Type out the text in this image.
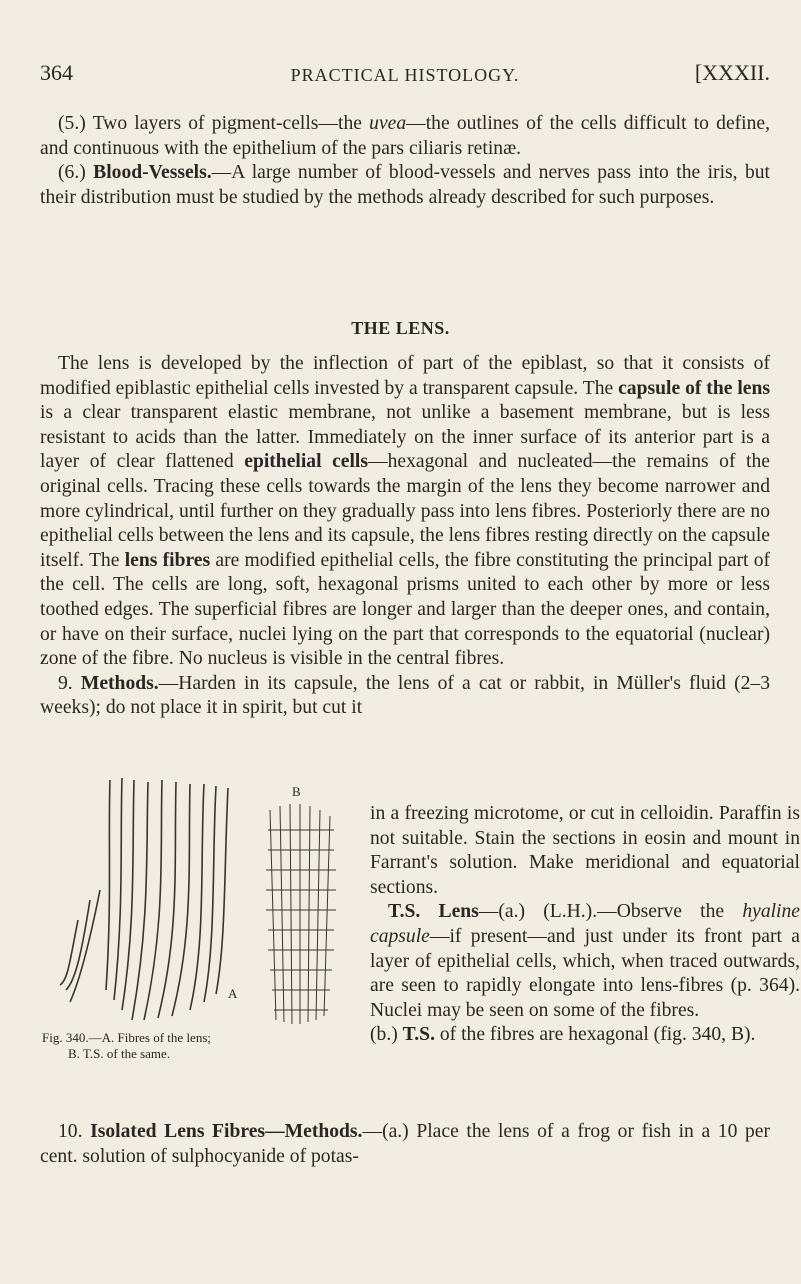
364	PRACTICAL HISTOLOGY.	[XXXII.

(5.) Two layers of pigment-cells—the uvea—the outlines of the cells difficult to define, and continuous with the epithelium of the pars ciliaris retinæ.

(6.) Blood-Vessels.—A large number of blood-vessels and nerves pass into the iris, but their distribution must be studied by the methods already described for such purposes.

THE LENS.

The lens is developed by the inflection of part of the epiblast, so that it consists of modified epiblastic epithelial cells invested by a transparent capsule. The capsule of the lens is a clear transparent elastic membrane, not unlike a basement membrane, but is less resistant to acids than the latter. Immediately on the inner surface of its anterior part is a layer of clear flattened epithelial cells—hexagonal and nucleated—the remains of the original cells. Tracing these cells towards the margin of the lens they become narrower and more cylindrical, until further on they gradually pass into lens fibres. Posteriorly there are no epithelial cells between the lens and its capsule, the lens fibres resting directly on the capsule itself. The lens fibres are modified epithelial cells, the fibre constituting the principal part of the cell. The cells are long, soft, hexagonal prisms united to each other by more or less toothed edges. The superficial fibres are longer and larger than the deeper ones, and contain, or have on their surface, nuclei lying on the part that corresponds to the equatorial (nuclear) zone of the fibre. No nucleus is visible in the central fibres.

9. Methods.—Harden in its capsule, the lens of a cat or rabbit, in Müller's fluid (2–3 weeks); do not place it in spirit, but cut it

A
B
Fig. 340.—A. Fibres of the lens;
B. T.S. of the same.

in a freezing microtome, or cut in celloidin. Paraffin is not suitable. Stain the sections in eosin and mount in Farrant's solution. Make meridional and equatorial sections.

T.S. Lens—(a.) (L.H.).—Observe the hyaline capsule—if present—and just under its front part a layer of epithelial cells, which, when traced outwards, are seen to rapidly elongate into lens-fibres (p. 364). Nuclei may be seen on some of the fibres.

(b.) T.S. of the fibres are hexagonal (fig. 340, B).

10. Isolated Lens Fibres—Methods.—(a.) Place the lens of a frog or fish in a 10 per cent. solution of sulphocyanide of potas-
